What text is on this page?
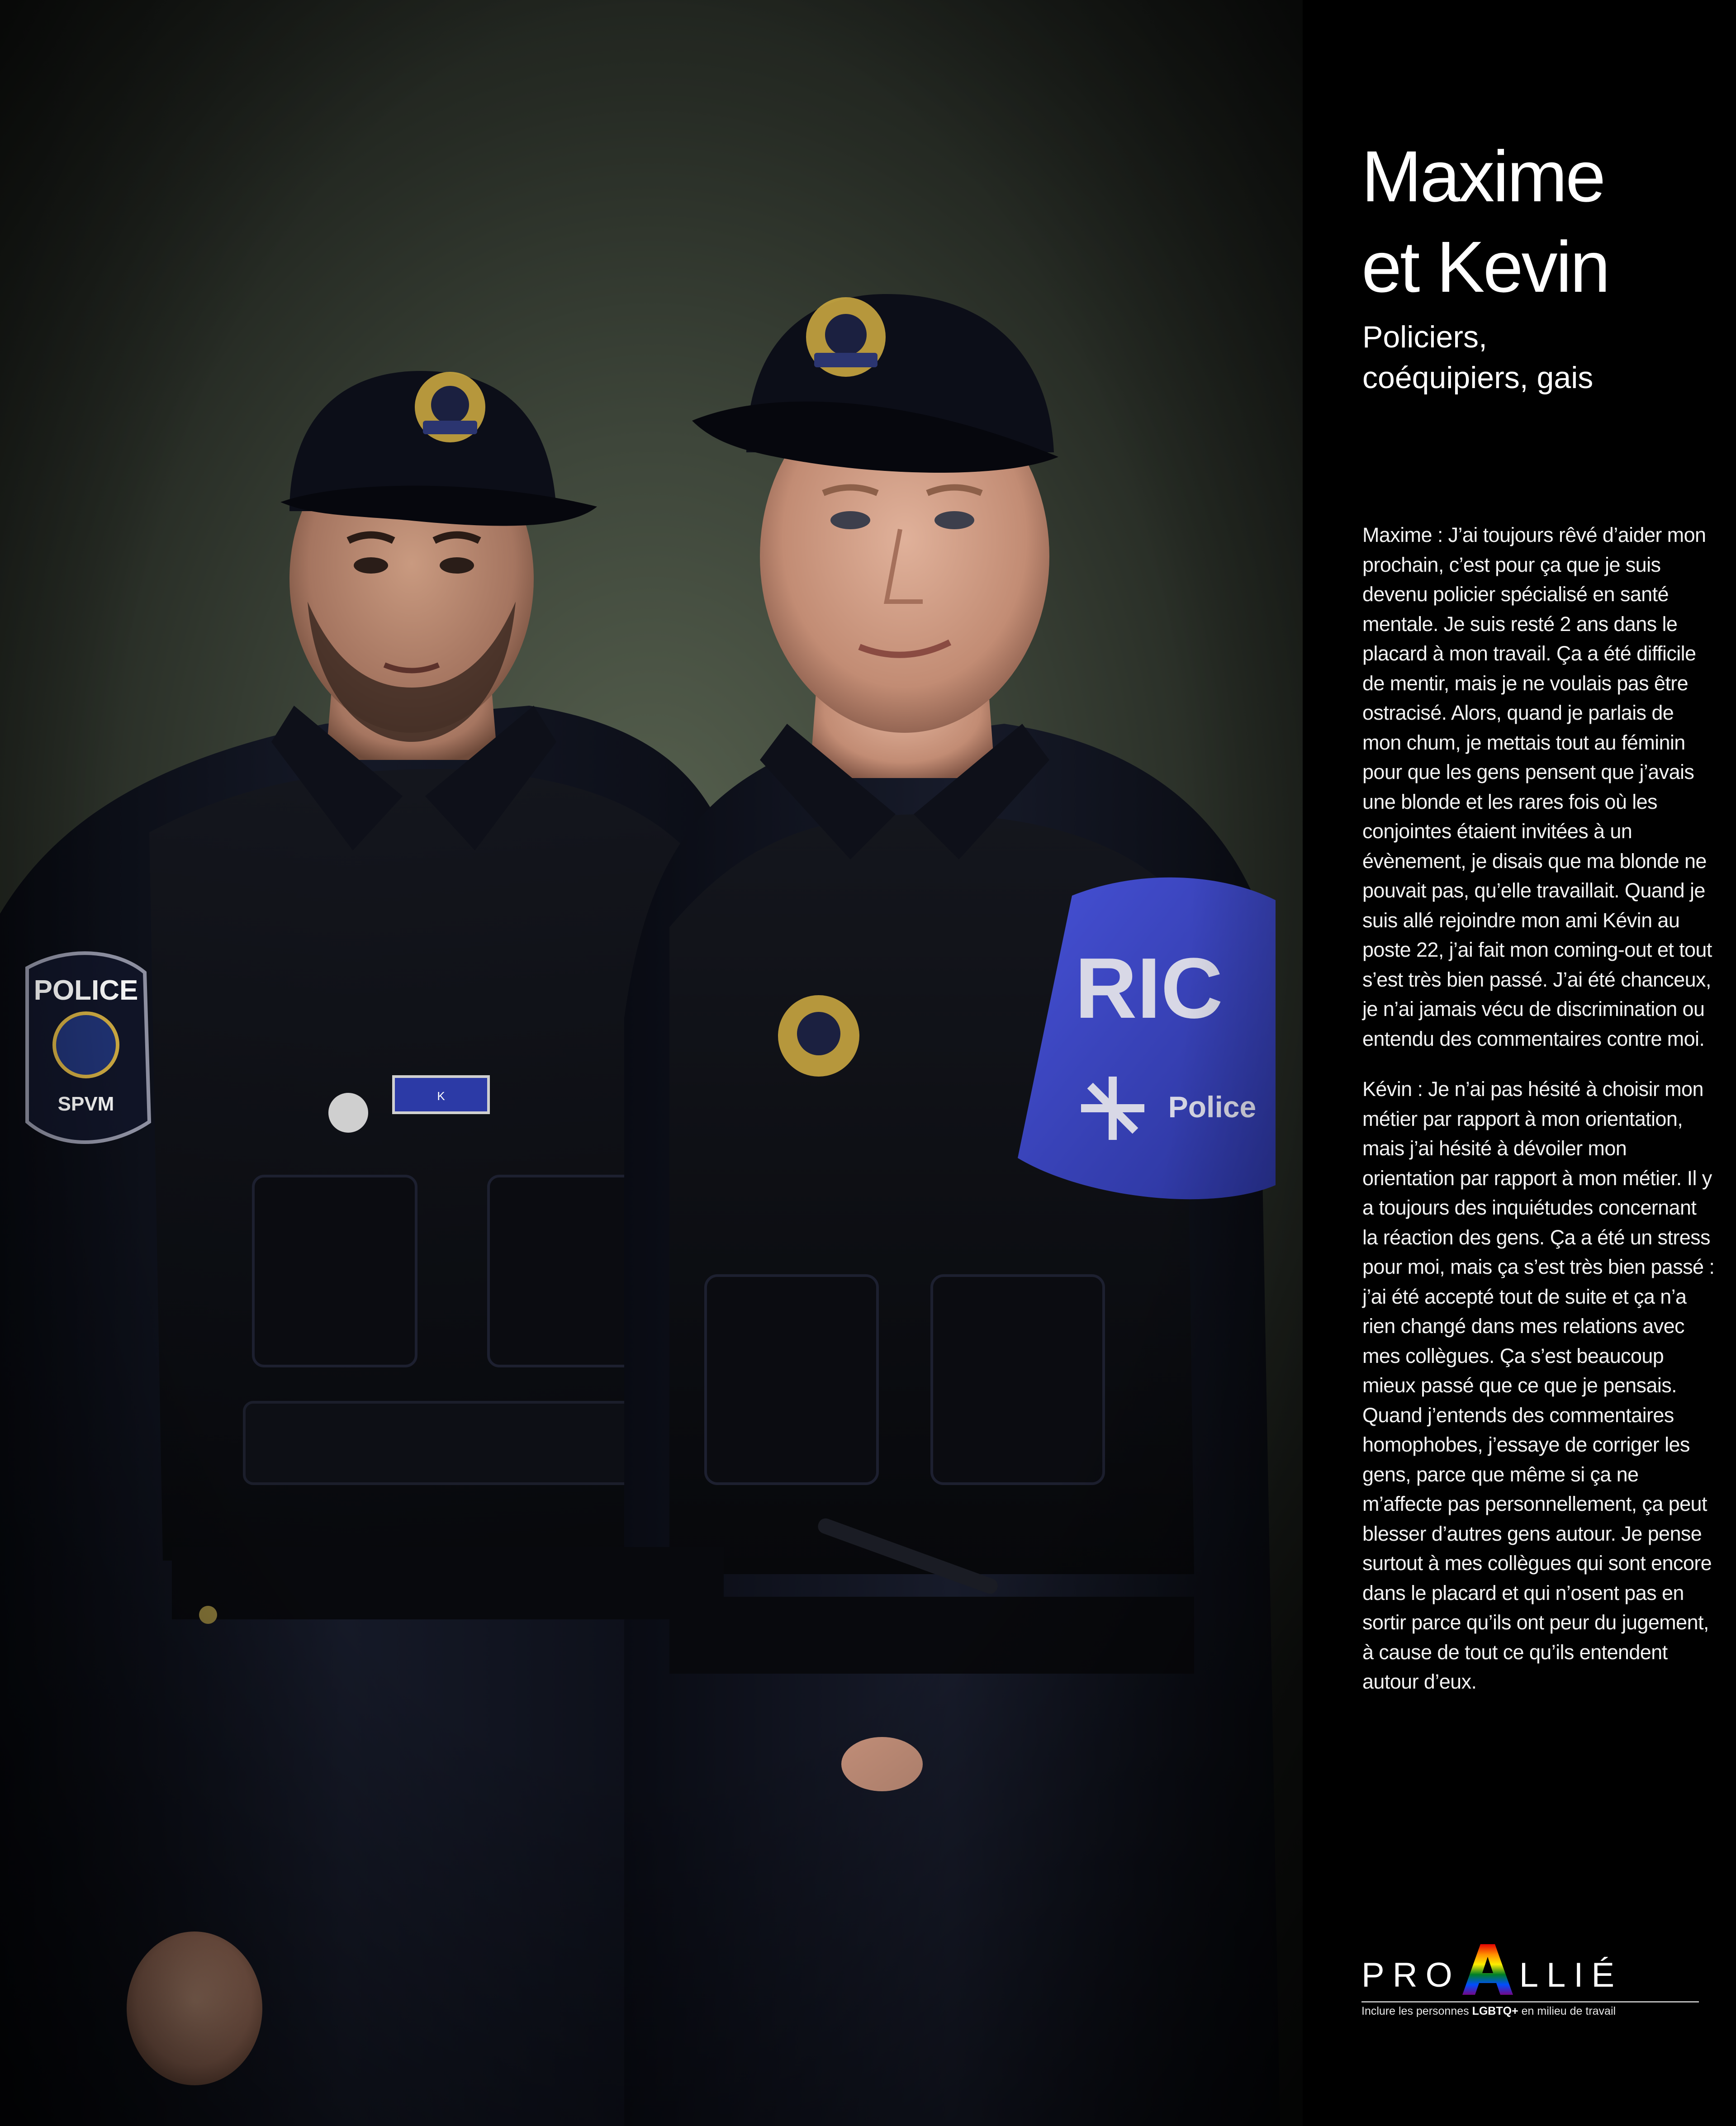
Maxime
et Kevin

Policiers,
coéquipiers, gais

Maxime : J’ai toujours rêvé d’aider mon prochain, c’est pour ça que je suis devenu policier spécialisé en santé mentale. Je suis resté 2 ans dans le placard à mon travail. Ça a été difficile de mentir, mais je ne voulais pas être ostracisé. Alors, quand je parlais de mon chum, je mettais tout au féminin pour que les gens pensent que j’avais une blonde et les rares fois où les conjointes étaient invitées à un évènement, je disais que ma blonde ne pouvait pas, qu’elle travaillait. Quand je suis allé rejoindre mon ami Kévin au poste 22, j’ai fait mon coming-out et tout s’est très bien passé. J’ai été chanceux, je n’ai jamais vécu de discrimination ou entendu des commentaires contre moi.

Kévin : Je n’ai pas hésité à choisir mon métier par rapport à mon orientation, mais j’ai hésité à dévoiler mon orientation par rapport à mon métier. Il y a toujours des inquiétudes concernant la réaction des gens. Ça a été un stress pour moi, mais ça s’est très bien passé : j’ai été accepté tout de suite et ça n’a rien changé dans mes relations avec mes collègues. Ça s’est beaucoup mieux passé que ce que je pensais. Quand j’entends des commentaires homophobes, j’essaye de corriger les gens, parce que même si ça ne m’affecte pas personnellement, ça peut blesser d’autres gens autour. Je pense surtout à mes collègues qui sont encore dans le placard et qui n’osent pas en sortir parce qu’ils ont peur du jugement, à cause de tout ce qu’ils entendent autour d’eux.

PRO LLIÉ
Inclure les personnes LGBTQ+ en milieu de travail
